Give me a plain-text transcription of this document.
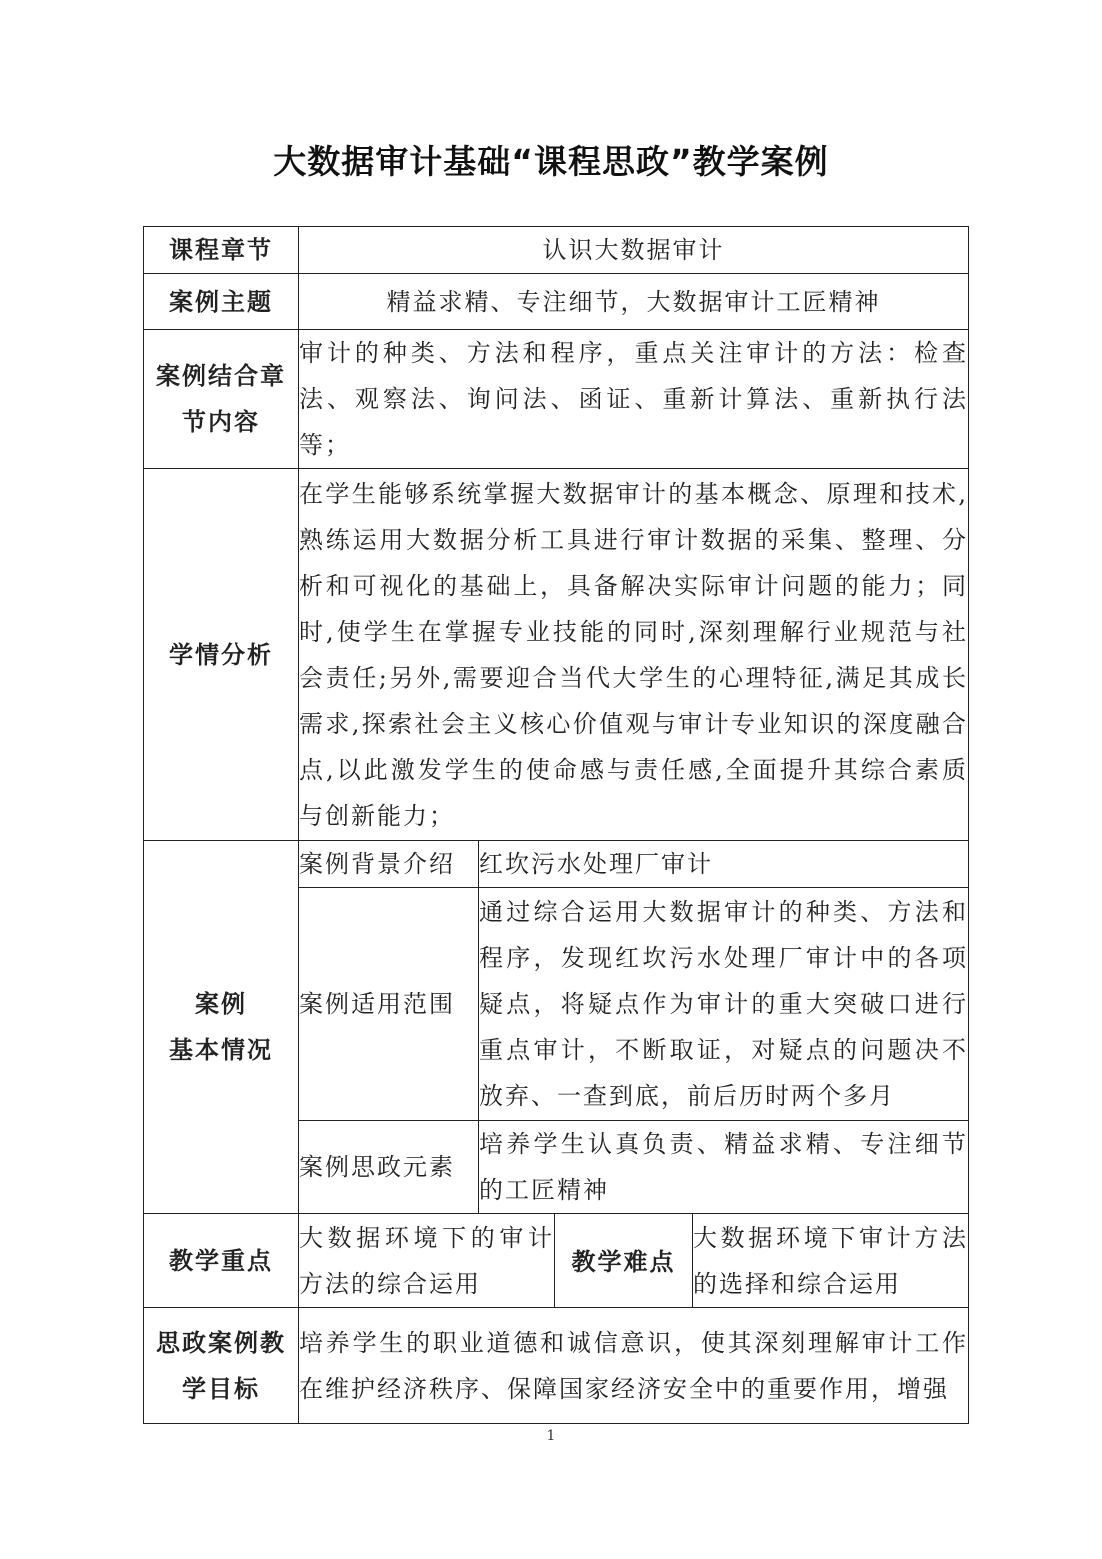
大数据审计基础“课程思政”教学案例
课程章节	认识大数据审计			
案例主题	精益求精、专注细节，大数据审计工匠精神			

案例结合章
节内容	审计的种类、方法和程序，重点关注审计的方法：检查法、观察法、询问法、函证、重新计算法、重新执行法等；			
学情分析	在学生能够系统掌握大数据审计的基本概念、原理和技术,熟练运用大数据分析工具进行审计数据的采集、整理、分析和可视化的基础上，具备解决实际审计问题的能力；同时,使学生在掌握专业技能的同时,深刻理解行业规范与社会责任;另外,需要迎合当代大学生的心理特征,满足其成长需求,探索社会主义核心价值观与审计专业知识的深度融合点,以此激发学生的使命感与责任感,全面提升其综合素质与创新能力；			

案例
基本情况	案例背景介绍	红坎污水处理厂审计		
	案例适用范围	通过综合运用大数据审计的种类、方法和程序，发现红坎污水处理厂审计中的各项疑点，将疑点作为审计的重大突破口进行重点审计，不断取证，对疑点的问题决不放弃、一查到底，前后历时两个多月		
	案例思政元素	培养学生认真负责、精益求精、专注细节的工匠精神		
教学重点	大数据环境下的审计方法的综合运用		教学难点	大数据环境下审计方法的选择和综合运用

思政案例教
学目标	培养学生的职业道德和诚信意识，使其深刻理解审计工作在维护经济秩序、保障国家经济安全中的重要作用，增强			
1
